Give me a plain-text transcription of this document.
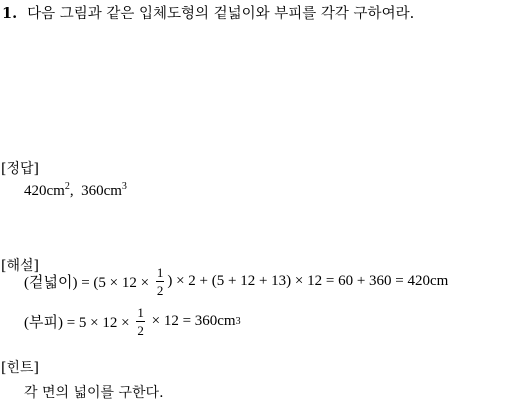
1. 다음 그림과 같은 입체도형의 겉넓이와 부피를 각각 구하여라.
[정답]
$420cm^2$,  $360cm^3$
[해설]
(겉넓이) = ($5 \times 12 \times \frac{1}{2}$ ) × 2 + (5 + 12 + 13) × 12 = 60 + 360 = 420cm
(부피) = $5 \times 12 \times \frac{1}{2} \times 12 = 360cm$ 3
[힌트]
각 면의 넓이를 구한다.
